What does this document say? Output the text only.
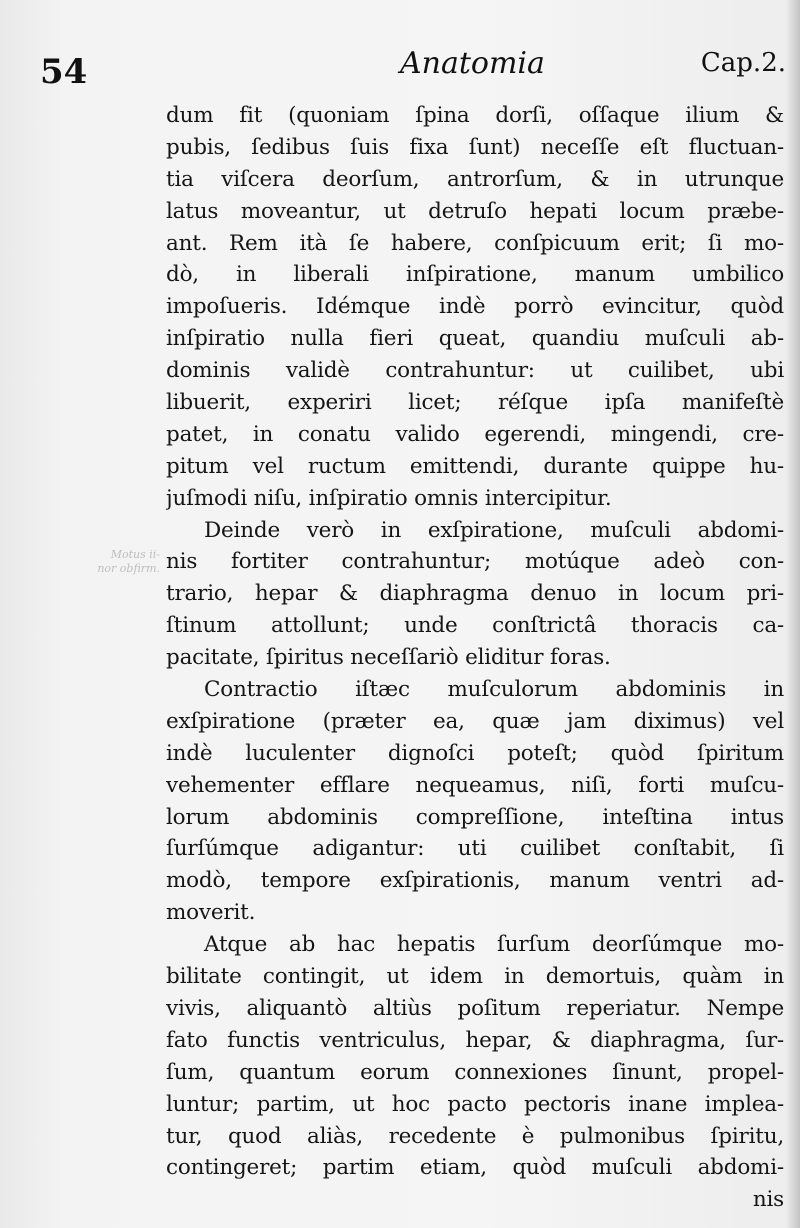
54	Anatomia	Cap.2.
Motus ii-
nor obfirm.
dum fit (quoniam ſpina dorſi, oſſaque ilium &
pubis, ſedibus ſuis fixa ſunt) neceſſe eſt fluctuan-
tia viſcera deorſum, antrorſum, & in utrunque
latus moveantur, ut detruſo hepati locum præbe-
ant. Rem ità ſe habere, conſpicuum erit; ſi mo-
dò, in liberali inſpiratione, manum umbilico
impoſueris. Idémque indè porrò evincitur, quòd
inſpiratio nulla fieri queat, quandiu muſculi ab-
dominis validè contrahuntur: ut cuilibet, ubi
libuerit, experiri licet; réſque ipſa manifeſtè
patet, in conatu valido egerendi, mingendi, cre-
pitum vel ructum emittendi, durante quippe hu-
juſmodi niſu, inſpiratio omnis intercipitur.
Deinde verò in exſpiratione, muſculi abdomi-
nis fortiter contrahuntur; motúque adeò con-
trario, hepar & diaphragma denuo in locum pri-
ſtinum attollunt; unde conſtrictâ thoracis ca-
pacitate, ſpiritus neceſſariò eliditur foras.
Contractio iſtæc muſculorum abdominis in
exſpiratione (præter ea, quæ jam diximus) vel
indè luculenter dignoſci poteſt; quòd ſpiritum
vehementer efflare nequeamus, niſi, forti muſcu-
lorum abdominis compreſſione, inteſtina intus
ſurſúmque adigantur: uti cuilibet conſtabit, ſi
modò, tempore exſpirationis, manum ventri ad-
moverit.
Atque ab hac hepatis ſurſum deorſúmque mo-
bilitate contingit, ut idem in demortuis, quàm in
vivis, aliquantò altiùs poſitum reperiatur. Nempe
fato functis ventriculus, hepar, & diaphragma, ſur-
ſum, quantum eorum connexiones ſinunt, propel-
luntur; partim, ut hoc pacto pectoris inane implea-
tur, quod aliàs, recedente è pulmonibus ſpiritu,
contingeret; partim etiam, quòd muſculi abdomi-
nis
